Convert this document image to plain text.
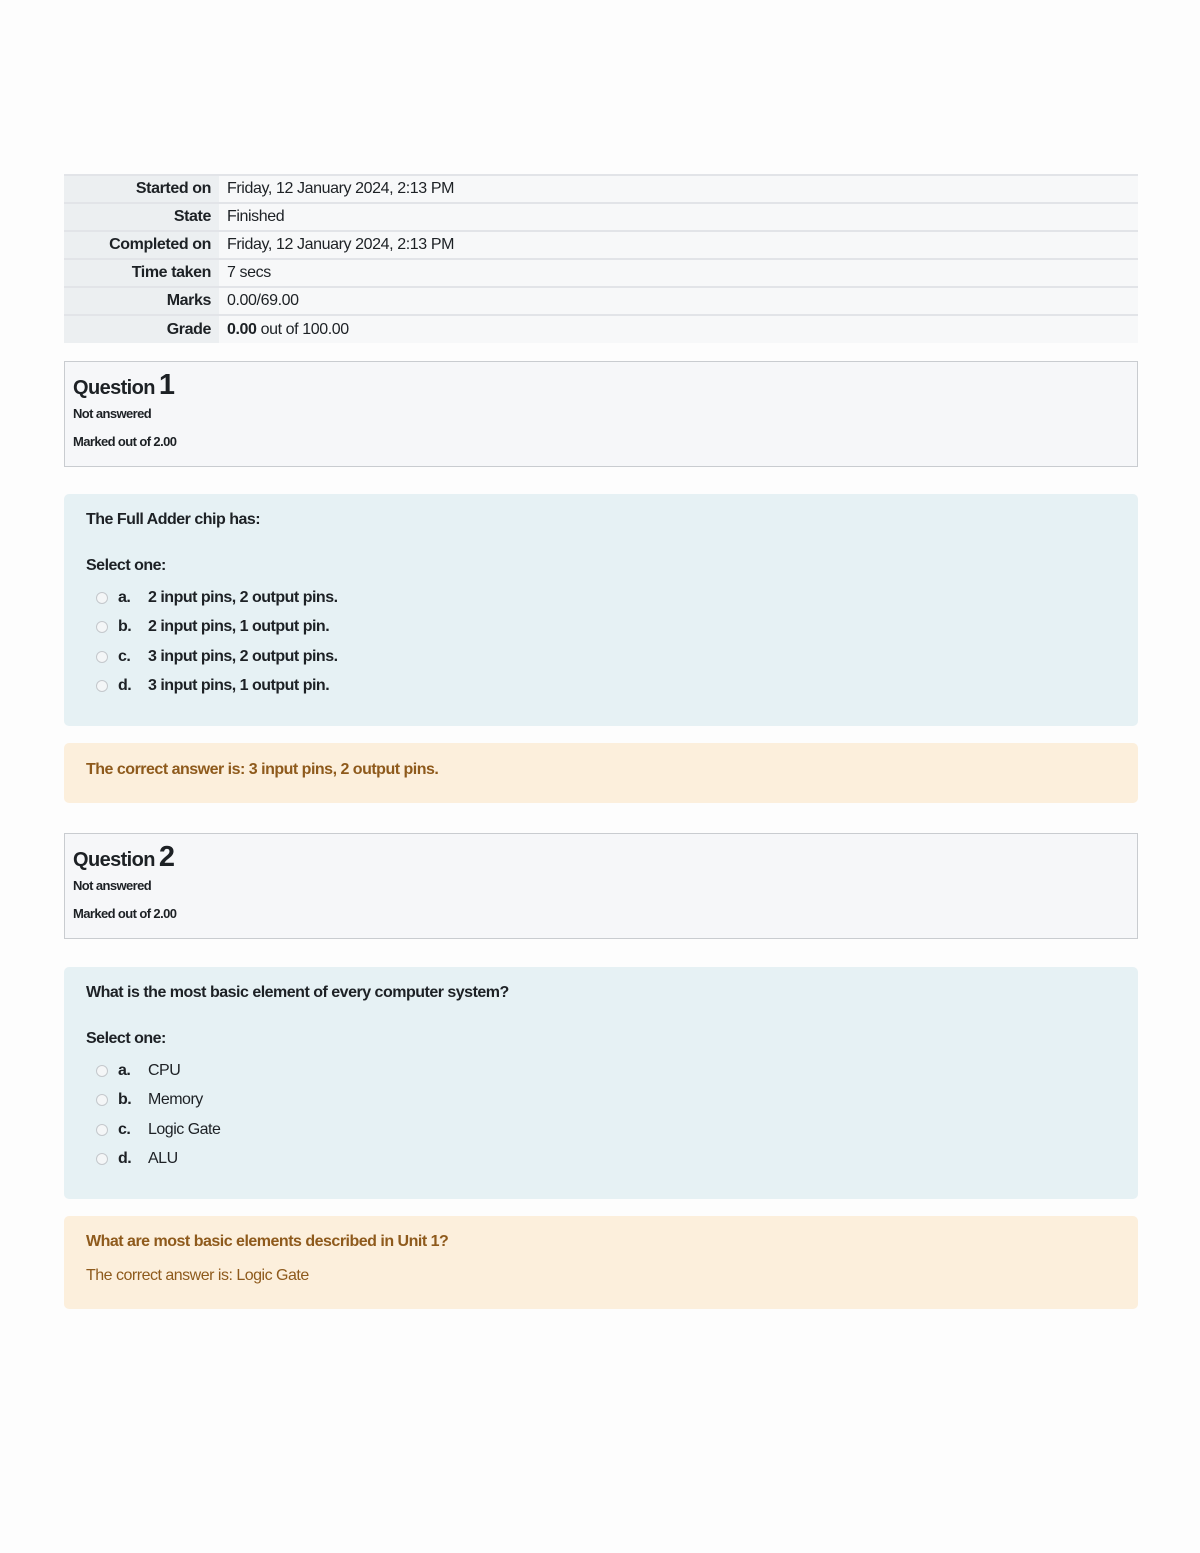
Started on	Friday, 12 January 2024, 2:13 PM
State	Finished
Completed on	Friday, 12 January 2024, 2:13 PM
Time taken	7 secs
Marks	0.00/69.00
Grade	0.00 out of 100.00
Question 1
Not answered
Marked out of 2.00
The Full Adder chip has:
Select one:
a.	2 input pins, 2 output pins.
b.	2 input pins, 1 output pin.
c.	3 input pins, 2 output pins.
d.	3 input pins, 1 output pin.
The correct answer is: 3 input pins, 2 output pins.
Question 2
Not answered
Marked out of 2.00
What is the most basic element of every computer system?
Select one:
a.	CPU
b.	Memory
c.	Logic Gate
d.	ALU
What are most basic elements described in Unit 1?
The correct answer is: Logic Gate
